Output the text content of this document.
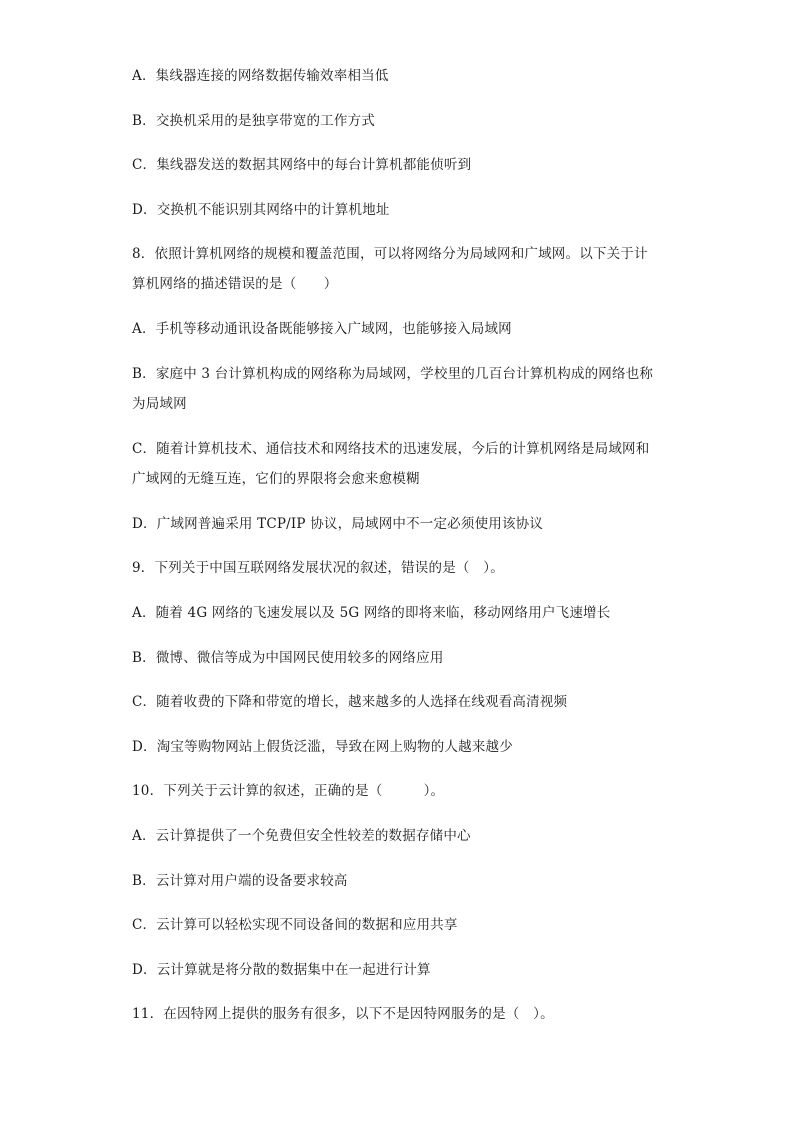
A．集线器连接的网络数据传输效率相当低
B．交换机采用的是独享带宽的工作方式
C．集线器发送的数据其网络中的每台计算机都能侦听到
D．交换机不能识别其网络中的计算机地址
8．依照计算机网络的规模和覆盖范围，可以将网络分为局域网和广域网。以下关于计
算机网络的描述错误的是（　　）
A．手机等移动通讯设备既能够接入广域网，也能够接入局域网
B．家庭中 3 台计算机构成的网络称为局域网，学校里的几百台计算机构成的网络也称
为局域网
C．随着计算机技术、通信技术和网络技术的迅速发展，今后的计算机网络是局域网和
广域网的无缝互连，它们的界限将会愈来愈模糊
D．广域网普遍采用 TCP/IP 协议，局域网中不一定必须使用该协议
9．下列关于中国互联网络发展状况的叙述，错误的是（　）。
A．随着 4G 网络的飞速发展以及 5G 网络的即将来临，移动网络用户飞速增长
B．微博、微信等成为中国网民使用较多的网络应用
C．随着收费的下降和带宽的增长，越来越多的人选择在线观看高清视频
D．淘宝等购物网站上假货泛滥，导致在网上购物的人越来越少
10．下列关于云计算的叙述，正确的是（　　　）。
A．云计算提供了一个免费但安全性较差的数据存储中心
B．云计算对用户端的设备要求较高
C．云计算可以轻松实现不同设备间的数据和应用共享
D．云计算就是将分散的数据集中在一起进行计算
11．在因特网上提供的服务有很多，以下不是因特网服务的是（　）。
